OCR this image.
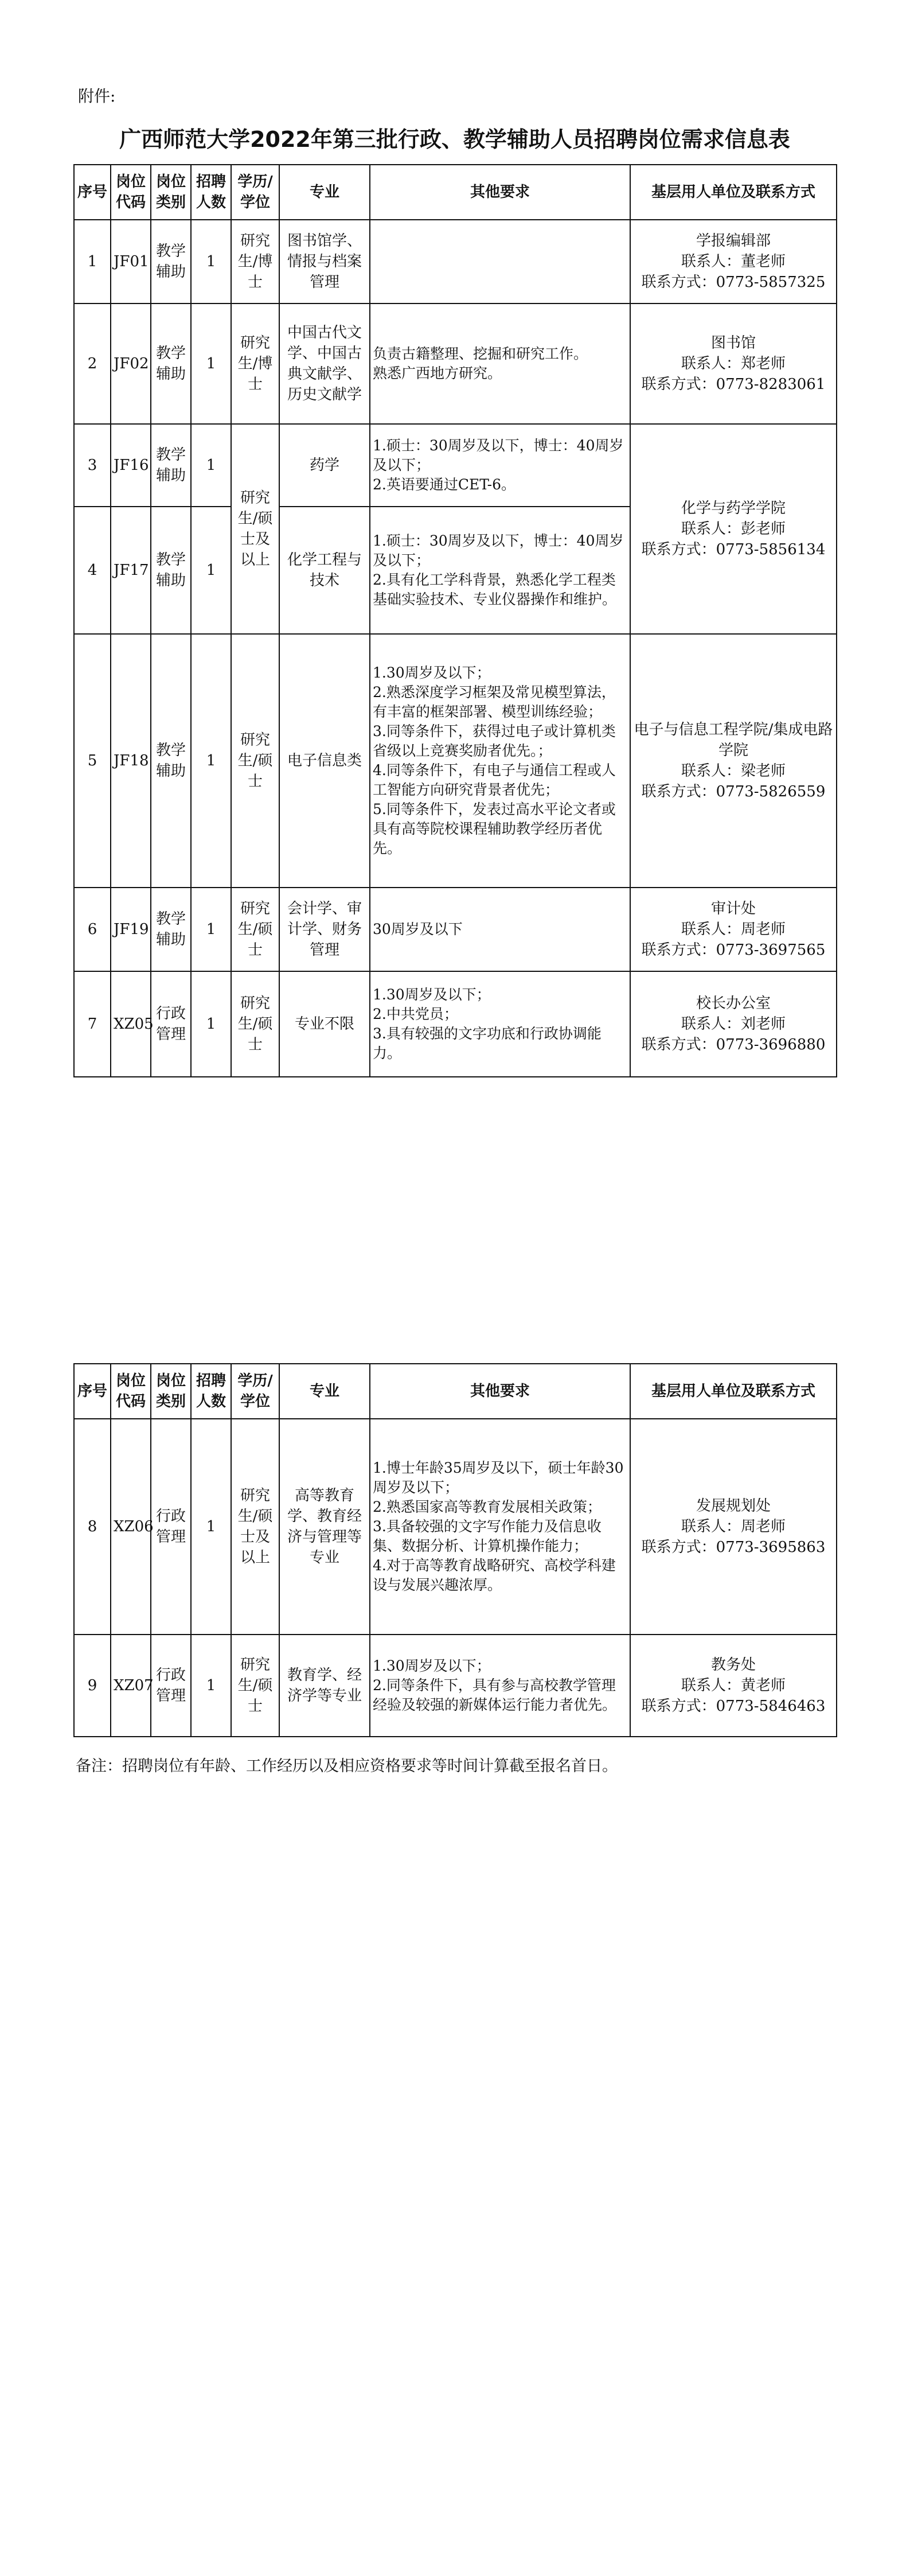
附件:
广西师范大学2022年第三批行政、教学辅助人员招聘岗位需求信息表
序号	岗位代码	岗位类别	招聘人数	学历/学位	专业	其他要求	基层用人单位及联系方式
1	JF01	教学辅助	1	研究生/博士	图书馆学、情报与档案管理		学报编辑部
联系人：董老师
联系方式：0773-5857325
2	JF02	教学辅助	1	研究生/博士	中国古代文学、中国古典文献学、历史文献学	负责古籍整理、挖掘和研究工作。
熟悉广西地方研究。	图书馆
联系人：郑老师
联系方式：0773-8283061
3	JF16	教学辅助	1	研究生/硕士及以上	药学	1.硕士：30周岁及以下，博士：40周岁及以下；
2.英语要通过CET-6。	化学与药学学院
联系人：彭老师
联系方式：0773-5856134
4	JF17	教学辅助	1		化学工程与技术	1.硕士：30周岁及以下，博士：40周岁及以下；
2.具有化工学科背景，熟悉化学工程类基础实验技术、专业仪器操作和维护。	
5	JF18	教学辅助	1	研究生/硕士	电子信息类	1.30周岁及以下；
2.熟悉深度学习框架及常见模型算法，有丰富的框架部署、模型训练经验；
3.同等条件下，获得过电子或计算机类省级以上竞赛奖励者优先。；
4.同等条件下，有电子与通信工程或人工智能方向研究背景者优先；
5.同等条件下，发表过高水平论文者或具有高等院校课程辅助教学经历者优先。	电子与信息工程学院/集成电路学院
联系人：梁老师
联系方式：0773-5826559
6	JF19	教学辅助	1	研究生/硕士	会计学、审计学、财务管理	30周岁及以下	审计处
联系人：周老师
联系方式：0773-3697565
7	XZ05	行政管理	1	研究生/硕士	专业不限	1.30周岁及以下；
2.中共党员；
3.具有较强的文字功底和行政协调能力。	校长办公室
联系人：刘老师
联系方式：0773-3696880
序号	岗位代码	岗位类别	招聘人数	学历/学位	专业	其他要求	基层用人单位及联系方式
8	XZ06	行政管理	1	研究生/硕士及以上	高等教育学、教育经济与管理等专业	1.博士年龄35周岁及以下，硕士年龄30周岁及以下；
2.熟悉国家高等教育发展相关政策；
3.具备较强的文字写作能力及信息收集、数据分析、计算机操作能力；
4.对于高等教育战略研究、高校学科建设与发展兴趣浓厚。	发展规划处
联系人：周老师
联系方式：0773-3695863
9	XZ07	行政管理	1	研究生/硕士	教育学、经济学等专业	1.30周岁及以下；
2.同等条件下，具有参与高校教学管理经验及较强的新媒体运行能力者优先。	教务处
联系人：黄老师
联系方式：0773-5846463
备注：招聘岗位有年龄、工作经历以及相应资格要求等时间计算截至报名首日。
